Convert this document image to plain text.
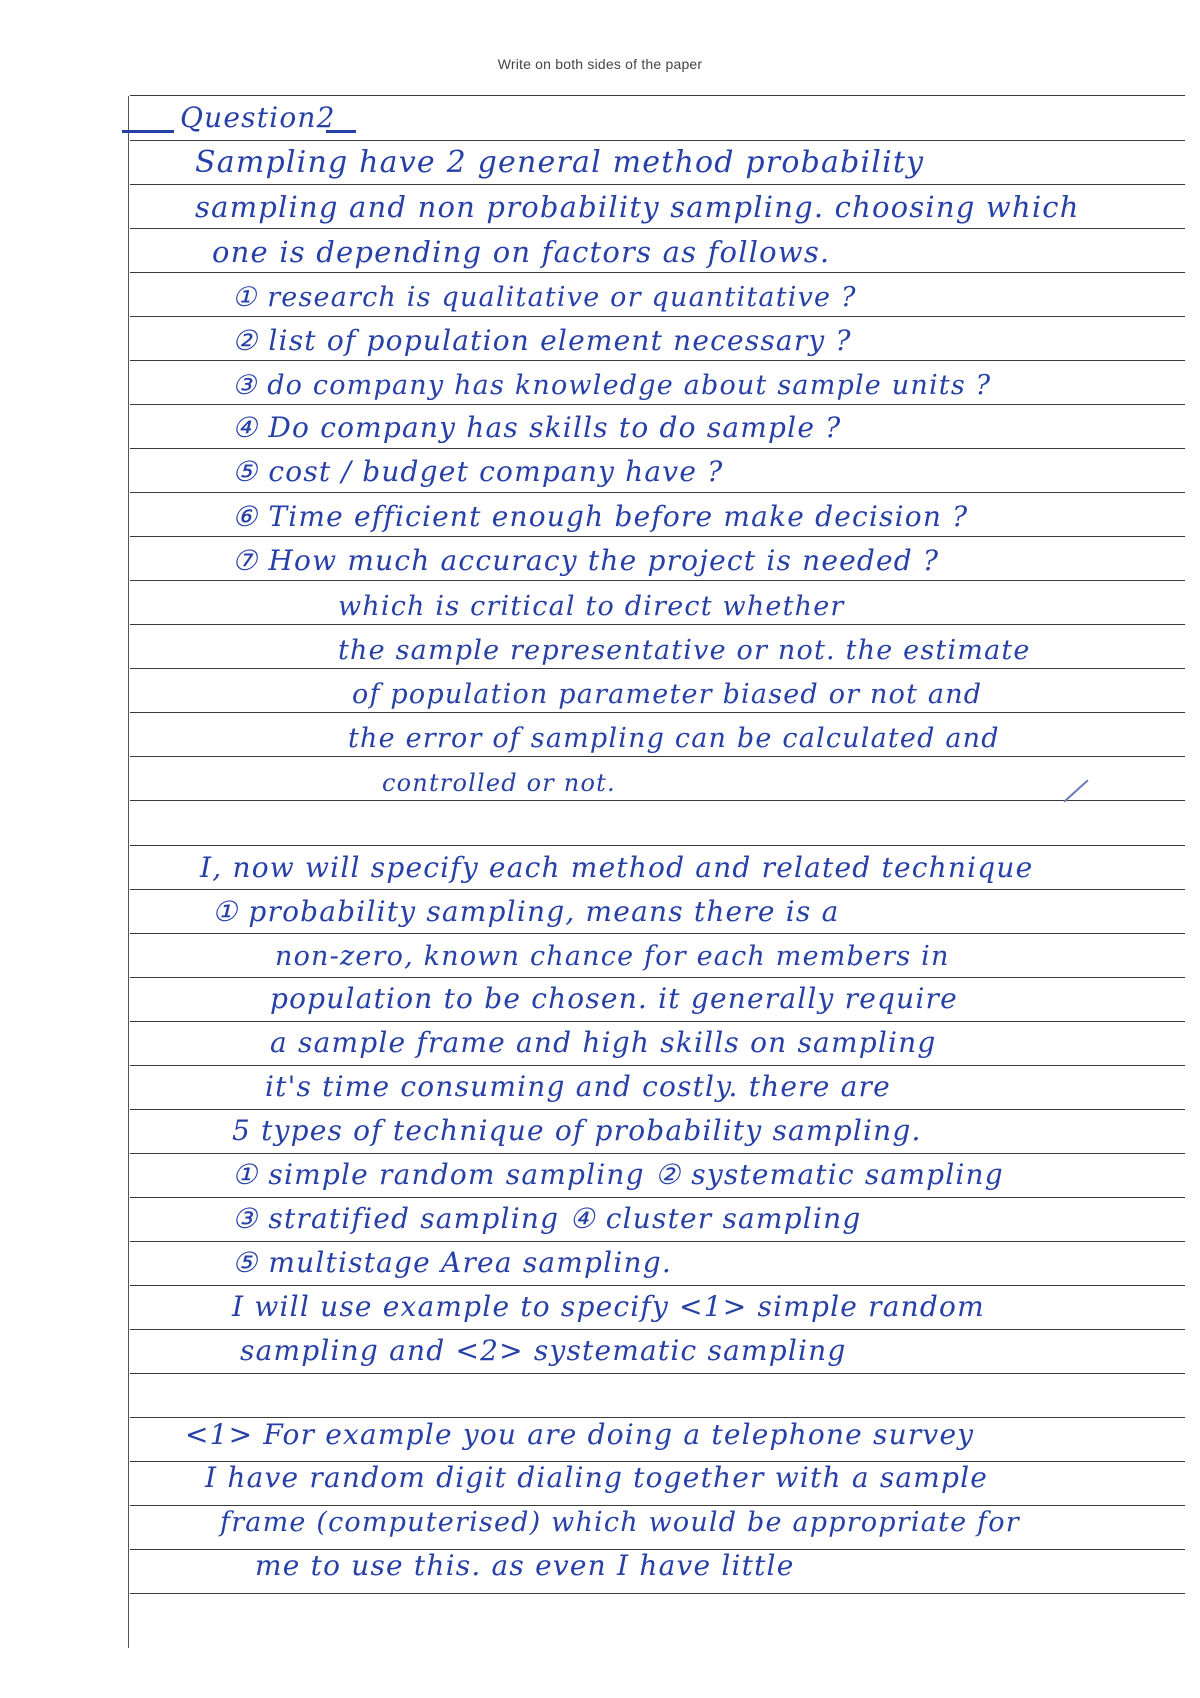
Write on both sides of the paper
Question2
Sampling have 2 general method probability
sampling and non probability sampling. choosing which
one is depending on factors as follows.
① research is qualitative or quantitative ?
② list of population element necessary ?
③ do company has knowledge about sample units ?
④ Do company has skills to do sample ?
⑤ cost / budget company have ?
⑥ Time efficient enough before make decision ?
⑦ How much accuracy the project is needed ?
which is critical to direct whether
the sample representative or not. the estimate
of population parameter biased or not and
the error of sampling can be calculated and
controlled or not.
I, now will specify each method and related technique
① probability sampling, means there is a
non-zero, known chance for each members in
population to be chosen. it generally require
a sample frame and high skills on sampling
it's time consuming and costly. there are
5 types of technique of probability sampling.
① simple random sampling ② systematic sampling
③ stratified sampling ④ cluster sampling
⑤ multistage Area sampling.
I will use example to specify <1> simple random
sampling and <2> systematic sampling
<1> For example you are doing a telephone survey
I have random digit dialing together with a sample
frame (computerised) which would be appropriate for
me to use this. as even I have little
